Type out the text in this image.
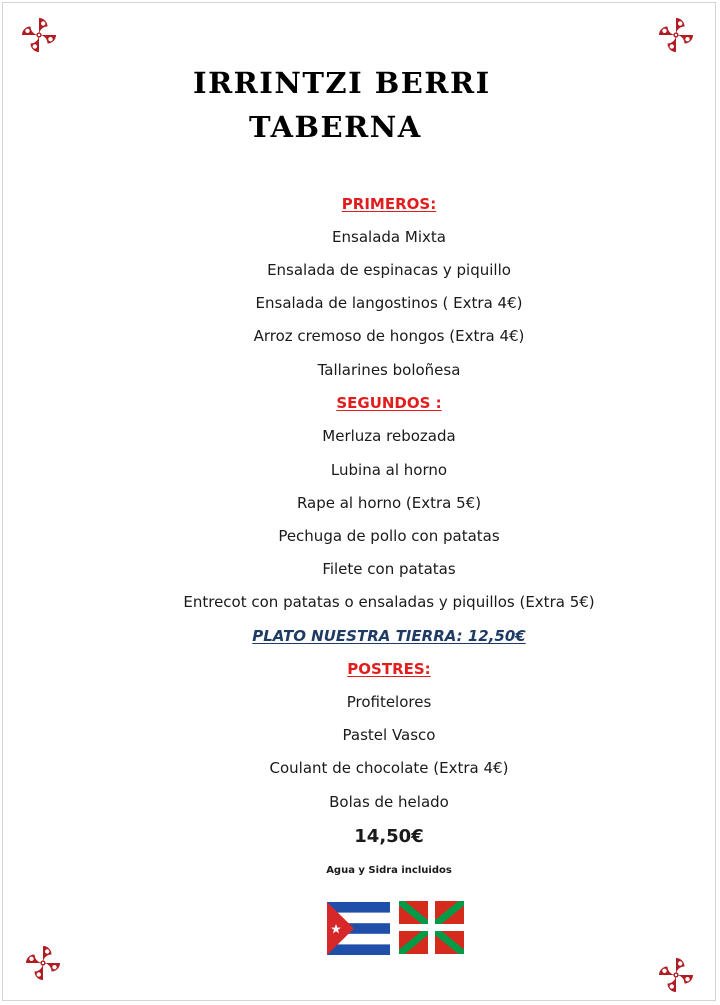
IRRINTZI BERRI
TABERNA
PRIMEROS:
Ensalada Mixta
Ensalada de espinacas y piquillo
Ensalada de langostinos ( Extra 4€)
Arroz cremoso de hongos (Extra 4€)
Tallarines boloñesa
SEGUNDOS :
Merluza rebozada
Lubina al horno
Rape al horno (Extra 5€)
Pechuga de pollo con patatas
Filete con patatas
Entrecot con patatas o ensaladas y piquillos (Extra 5€)
PLATO NUESTRA TIERRA: 12,50€
POSTRES:
Profitelores
Pastel Vasco
Coulant de chocolate (Extra 4€)
Bolas de helado
14,50€
Agua y Sidra incluidos
